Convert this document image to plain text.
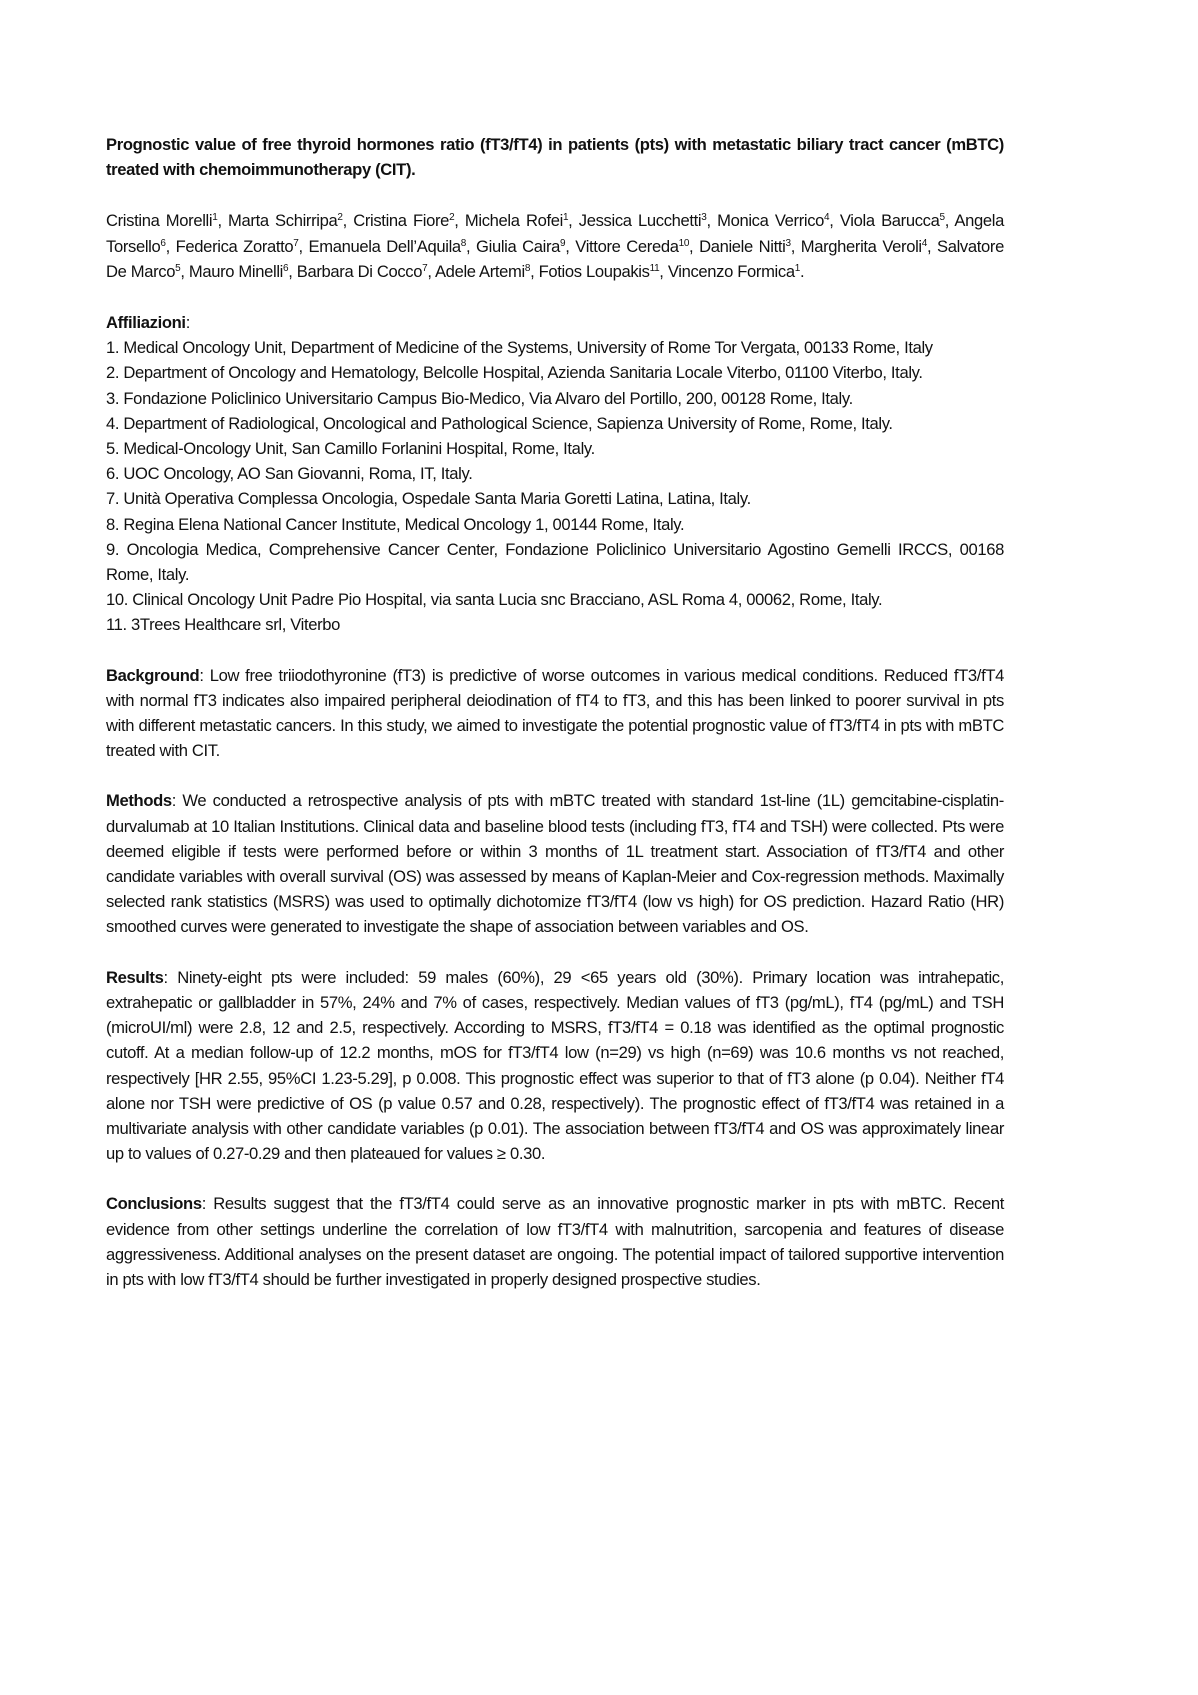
Prognostic value of free thyroid hormones ratio (fT3/fT4) in patients (pts) with metastatic biliary tract cancer (mBTC) treated with chemoimmunotherapy (CIT).

Cristina Morelli$^1$, Marta Schirripa$^2$, Cristina Fiore$^2$, Michela Rofei$^1$, Jessica Lucchetti$^3$, Monica Verrico$^4$, Viola Barucca$^5$, Angela Torsello$^6$, Federica Zoratto$^7$, Emanuela Dell’Aquila$^8$, Giulia Caira$^9$, Vittore Cereda$^{10}$, Daniele Nitti$^3$, Margherita Veroli$^4$, Salvatore De Marco$^5$, Mauro Minelli$^6$, Barbara Di Cocco$^7$, Adele Artemi$^8$, Fotios Loupakis$^{11}$, Vincenzo Formica$^1$.

Affiliazioni:

1. Medical Oncology Unit, Department of Medicine of the Systems, University of Rome Tor Vergata, 00133 Rome, Italy
2. Department of Oncology and Hematology, Belcolle Hospital, Azienda Sanitaria Locale Viterbo, 01100 Viterbo, Italy.
3. Fondazione Policlinico Universitario Campus Bio-Medico, Via Alvaro del Portillo, 200, 00128 Rome, Italy.
4. Department of Radiological, Oncological and Pathological Science, Sapienza University of Rome, Rome, Italy.
5. Medical-Oncology Unit, San Camillo Forlanini Hospital, Rome, Italy.
6. UOC Oncology, AO San Giovanni, Roma, IT, Italy.
7. Unità Operativa Complessa Oncologia, Ospedale Santa Maria Goretti Latina, Latina, Italy.
8. Regina Elena National Cancer Institute, Medical Oncology 1, 00144 Rome, Italy.
9. Oncologia Medica, Comprehensive Cancer Center, Fondazione Policlinico Universitario Agostino Gemelli IRCCS, 00168 Rome, Italy.
10. Clinical Oncology Unit Padre Pio Hospital, via santa Lucia snc Bracciano, ASL Roma 4, 00062, Rome, Italy.
11. 3Trees Healthcare srl, Viterbo

Background: Low free triiodothyronine (fT3) is predictive of worse outcomes in various medical conditions. Reduced fT3/fT4 with normal fT3 indicates also impaired peripheral deiodination of fT4 to fT3, and this has been linked to poorer survival in pts with different metastatic cancers. In this study, we aimed to investigate the potential prognostic value of fT3/fT4 in pts with mBTC treated with CIT.

Methods: We conducted a retrospective analysis of pts with mBTC treated with standard 1st-line (1L) gemcitabine-cisplatin-durvalumab at 10 Italian Institutions. Clinical data and baseline blood tests (including fT3, fT4 and TSH) were collected. Pts were deemed eligible if tests were performed before or within 3 months of 1L treatment start. Association of fT3/fT4 and other candidate variables with overall survival (OS) was assessed by means of Kaplan-Meier and Cox-regression methods. Maximally selected rank statistics (MSRS) was used to optimally dichotomize fT3/fT4 (low vs high) for OS prediction. Hazard Ratio (HR) smoothed curves were generated to investigate the shape of association between variables and OS.

Results: Ninety-eight pts were included: 59 males (60%), 29 <65 years old (30%). Primary location was intrahepatic, extrahepatic or gallbladder in 57%, 24% and 7% of cases, respectively. Median values of fT3 (pg/mL), fT4 (pg/mL) and TSH (microUI/ml) were 2.8, 12 and 2.5, respectively. According to MSRS, fT3/fT4 = 0.18 was identified as the optimal prognostic cutoff. At a median follow-up of 12.2 months, mOS for fT3/fT4 low (n=29) vs high (n=69) was 10.6 months vs not reached, respectively [HR 2.55, 95%CI 1.23-5.29], p 0.008. This prognostic effect was superior to that of fT3 alone (p 0.04). Neither fT4 alone nor TSH were predictive of OS (p value 0.57 and 0.28, respectively). The prognostic effect of fT3/fT4 was retained in a multivariate analysis with other candidate variables (p 0.01). The association between fT3/fT4 and OS was approximately linear up to values of 0.27-0.29 and then plateaued for values ≥ 0.30.

Conclusions: Results suggest that the fT3/fT4 could serve as an innovative prognostic marker in pts with mBTC. Recent evidence from other settings underline the correlation of low fT3/fT4 with malnutrition, sarcopenia and features of disease aggressiveness. Additional analyses on the present dataset are ongoing. The potential impact of tailored supportive intervention in pts with low fT3/fT4 should be further investigated in properly designed prospective studies.
